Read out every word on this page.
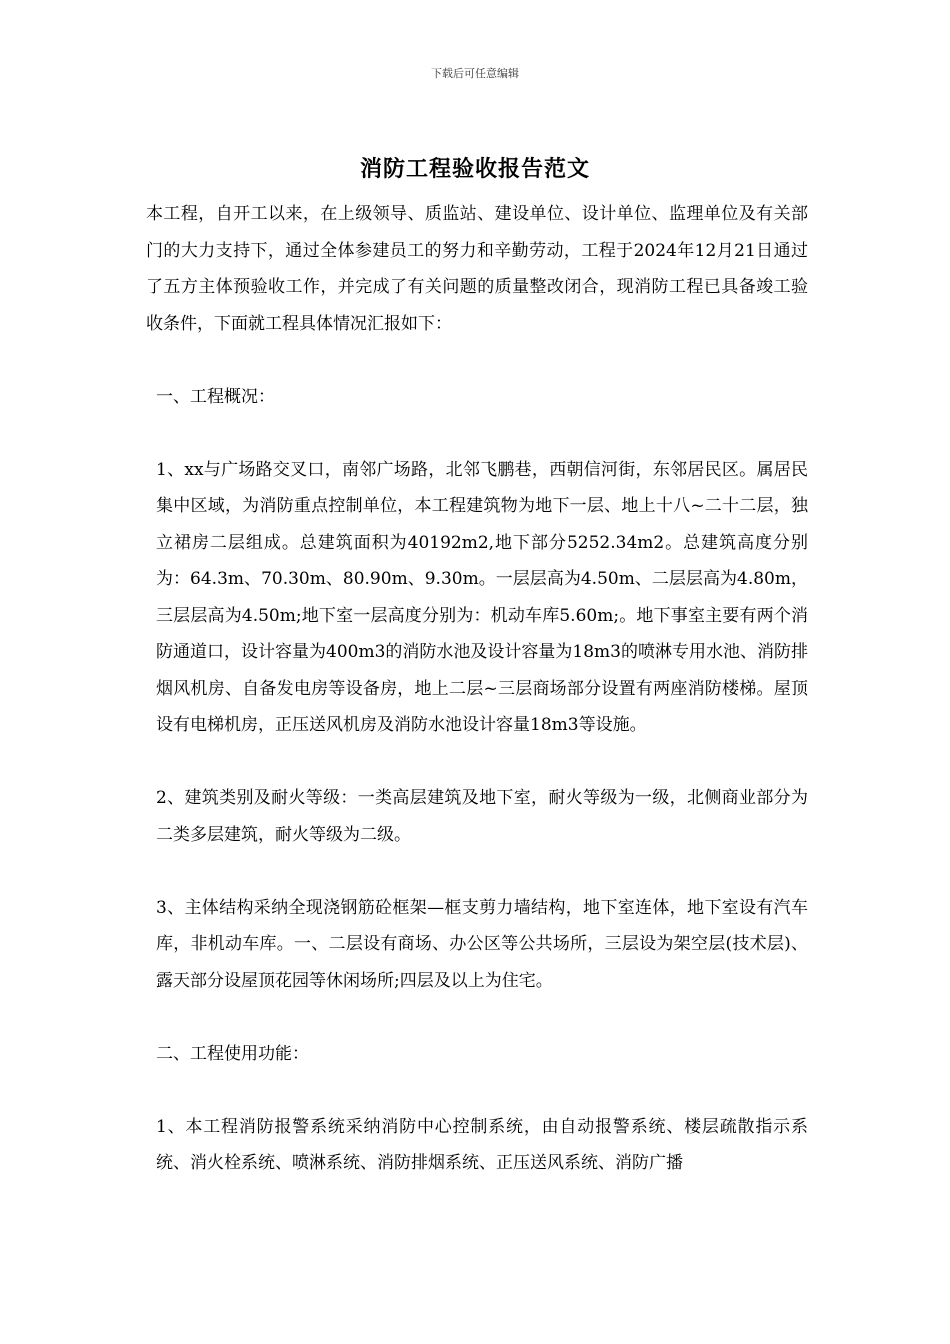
下载后可任意编辑
消防工程验收报告范文

本工程，自开工以来，在上级领导、质监站、建设单位、设计单位、监理单位及有关部门的大力支持下，通过全体参建员工的努力和辛勤劳动，工程于2024年12月21日通过了五方主体预验收工作，并完成了有关问题的质量整改闭合，现消防工程已具备竣工验收条件，下面就工程具体情况汇报如下：

一、工程概况：

1、xx与广场路交叉口，南邻广场路，北邻飞鹏巷，西朝信河街，东邻居民区。属居民集中区域，为消防重点控制单位，本工程建筑物为地下一层、地上十八~二十二层，独立裙房二层组成。总建筑面积为40192m2,地下部分5252.34m2。总建筑高度分别为：64.3m、70.30m、80.90m、9.30m。一层层高为4.50m、二层层高为4.80m，三层层高为4.50m;地下室一层高度分别为：机动车库5.60m;。地下事室主要有两个消防通道口，设计容量为400m3的消防水池及设计容量为18m3的喷淋专用水池、消防排烟风机房、自备发电房等设备房，地上二层~三层商场部分设置有两座消防楼梯。屋顶设有电梯机房，正压送风机房及消防水池设计容量18m3等设施。

2、建筑类别及耐火等级：一类高层建筑及地下室，耐火等级为一级，北侧商业部分为二类多层建筑，耐火等级为二级。

3、主体结构采纳全现浇钢筋砼框架—框支剪力墙结构，地下室连体，地下室设有汽车库，非机动车库。一、二层设有商场、办公区等公共场所，三层设为架空层(技术层)、露天部分设屋顶花园等休闲场所;四层及以上为住宅。

二、工程使用功能：

1、本工程消防报警系统采纳消防中心控制系统，由自动报警系统、楼层疏散指示系统、消火栓系统、喷淋系统、消防排烟系统、正压送风系统、消防广播
